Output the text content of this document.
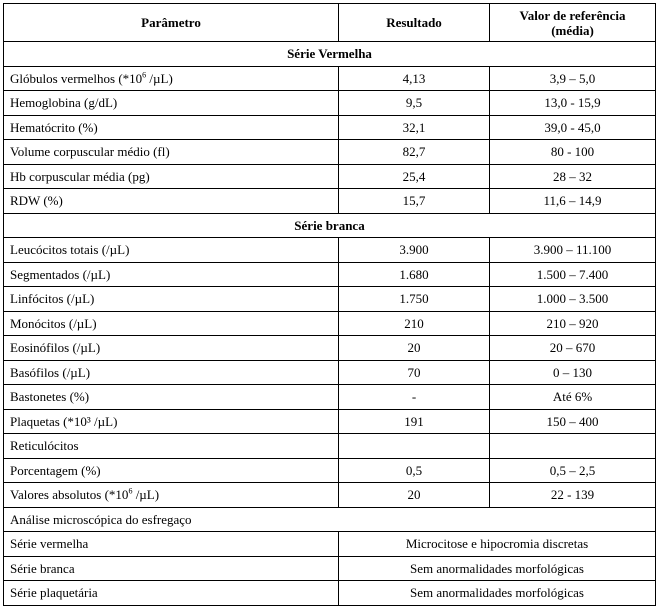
Parâmetro	Resultado	Valor de referência
(média)
Série Vermelha		
Glóbulos vermelhos ($*10^6$ /µL)	4,13	3,9 – 5,0
Hemoglobina (g/dL)	9,5	13,0 - 15,9
Hematócrito (%)	32,1	39,0 - 45,0
Volume corpuscular médio (fl)	82,7	80 - 100
Hb corpuscular média (pg)	25,4	28 – 32
RDW (%)	15,7	11,6 – 14,9
Série branca		
Leucócitos totais (/µL)	3.900	3.900 – 11.100
Segmentados (/µL)	1.680	1.500 – 7.400
Linfócitos (/µL)	1.750	1.000 – 3.500
Monócitos (/µL)	210	210 – 920
Eosinófilos (/µL)	20	20 – 670
Basófilos (/µL)	70	0 – 130
Bastonetes (%)	-	Até 6%
Plaquetas (*10³ /µL)	191	150 – 400
Reticulócitos		
Porcentagem (%)	0,5	0,5 – 2,5
Valores absolutos ($*10^6$ /µL)	20	22 - 139
Análise microscópica do esfregaço		
Série vermelha	Microcitose e hipocromia discretas	
Série branca	Sem anormalidades morfológicas	
Série plaquetária	Sem anormalidades morfológicas	
